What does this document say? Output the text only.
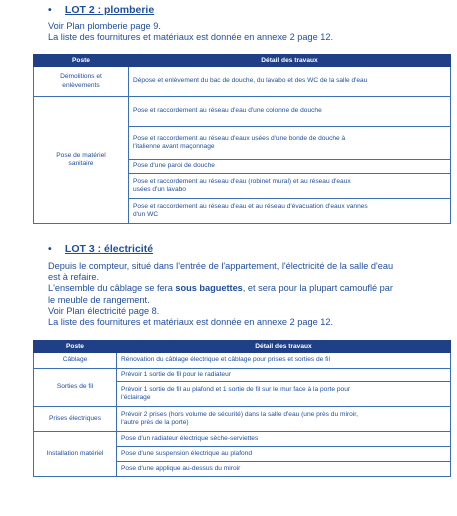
• LOT 2 : plomberie
Voir Plan plomberie page 9.
La liste des fournitures et matériaux est donnée en annexe 2 page 12.
Poste	Détail des travaux

Démolitions et
enlèvements	Dépose et enlèvement du bac de douche, du lavabo et des WC de la salle d'eau

Pose de matériel
sanitaire	Pose et raccordement au réseau d'eau d'une colonne de douche

	Pose et raccordement au réseau d'eaux usées d'une bonde de douche à
l'italienne avant maçonnage

	Pose d'une paroi de douche

	Pose et raccordement au réseau d'eau (robinet mural) et au réseau d'eaux
usées d'un lavabo

	Pose et raccordement au réseau d'eau et au réseau d'évacuation d'eaux vannes
d'un WC
• LOT 3 : électricité
Depuis le compteur, situé dans l'entrée de l'appartement, l'électricité de la salle d'eau
est à refaire.
L'ensemble du câblage se fera sous baguettes, et sera pour la plupart camouflé par
le meuble de rangement.
Voir Plan électricité page 8.
La liste des fournitures et matériaux est donnée en annexe 2 page 12.
Poste	Détail des travaux

Câblage	Rénovation du câblage électrique et câblage pour prises et sorties de fil

Sorties de fil	Prévoir 1 sortie de fil pour le radiateur

	Prévoir 1 sortie de fil au plafond et 1 sortie de fil sur le mur face à la porte pour
l'éclairage

Prises électriques	Prévoir 2 prises (hors volume de sécurité) dans la salle d'eau (une près du miroir,
l'autre près de la porte)

Installation matériel	Pose d'un radiateur électrique sèche-serviettes

	Pose d'une suspension électrique au plafond

	Pose d'une applique au-dessus du miroir
